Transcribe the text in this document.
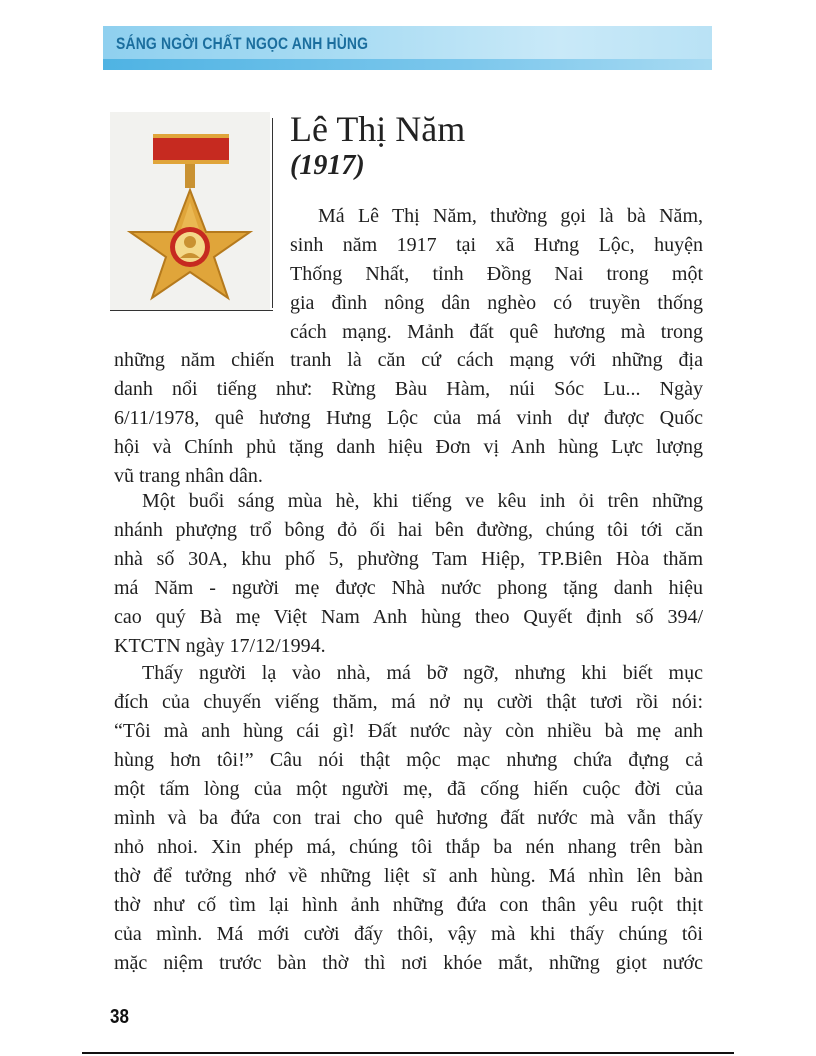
SÁNG NGỜI CHẤT NGỌC ANH HÙNG
Lê Thị Năm
(1917)
Má Lê Thị Năm, thường gọi là bà Năm,
sinh năm 1917 tại xã Hưng Lộc, huyện
Thống Nhất, tỉnh Đồng Nai trong một
gia đình nông dân nghèo có truyền thống
cách mạng. Mảnh đất quê hương mà trong
những năm chiến tranh là căn cứ cách mạng với những địa
danh nổi tiếng như: Rừng Bàu Hàm, núi Sóc Lu... Ngày
6/11/1978, quê hương Hưng Lộc của má vinh dự được Quốc
hội và Chính phủ tặng danh hiệu Đơn vị Anh hùng Lực lượng
vũ trang nhân dân.
Một buổi sáng mùa hè, khi tiếng ve kêu inh ỏi trên những
nhánh phượng trổ bông đỏ ối hai bên đường, chúng tôi tới căn
nhà số 30A, khu phố 5, phường Tam Hiệp, TP.Biên Hòa thăm
má Năm - người mẹ được Nhà nước phong tặng danh hiệu
cao quý Bà mẹ Việt Nam Anh hùng theo Quyết định số 394/
KTCTN ngày 17/12/1994.
Thấy người lạ vào nhà, má bỡ ngỡ, nhưng khi biết mục
đích của chuyến viếng thăm, má nở nụ cười thật tươi rồi nói:
“Tôi mà anh hùng cái gì! Đất nước này còn nhiều bà mẹ anh
hùng hơn tôi!” Câu nói thật mộc mạc nhưng chứa đựng cả
một tấm lòng của một người mẹ, đã cống hiến cuộc đời của
mình và ba đứa con trai cho quê hương đất nước mà vẫn thấy
nhỏ nhoi. Xin phép má, chúng tôi thắp ba nén nhang trên bàn
thờ để tưởng nhớ về những liệt sĩ anh hùng. Má nhìn lên bàn
thờ như cố tìm lại hình ảnh những đứa con thân yêu ruột thịt
của mình. Má mới cười đấy thôi, vậy mà khi thấy chúng tôi
mặc niệm trước bàn thờ thì nơi khóe mắt, những giọt nước
38
